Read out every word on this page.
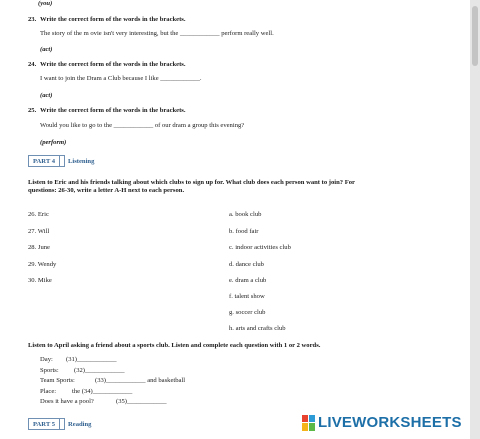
(you)
23. Write the correct form of the words in the brackets.
The story of the m ovie isn't very interesting, but the ____________ perform really well.
(act)
24. Write the correct form of the words in the brackets.
I want to join the Dram a Club because I like ____________.
(act)
25. Write the correct form of the words in the brackets.
Would you like to go to the ____________ of our dram a group this evening?
(perform)
PART 4 Listening
Listen to Eric and his friends talking about which clubs to sign up for. What club does each person want to join? For
questions: 26-30, write a letter A-H next to each person.
26. Eric
27. Will
28. June
29. Wendy
30. Mike
a. book club
b. food fair
c. indoor activities club
d. dance club
e. dram a club
f. talent show
g. soccer club
h. arts and crafts club
Listen to April asking a friend about a sports club. Listen and complete each question with 1 or 2 words.
Day: (31)____________
Sports: (32)____________
Team Sports:	(33)____________ and basketball
Place: the (34)____________
Does it have a pool?	(35)____________
PART 5 Reading	LIVEWORKSHEETS
